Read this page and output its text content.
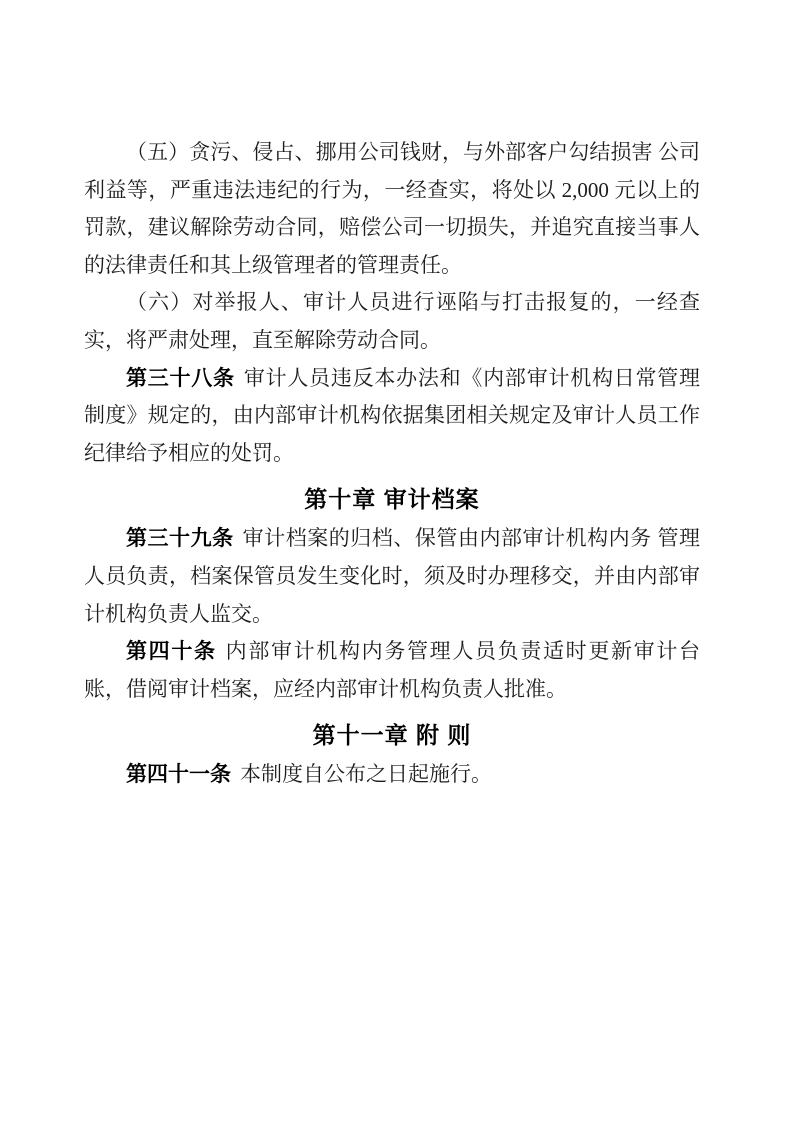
（五）贪污、侵占、挪用公司钱财，与外部客户勾结损害 公司利益等，严重违法违纪的行为，一经查实，将处以 2,000 元以上的罚款，建议解除劳动合同，赔偿公司一切损失，并追究直接当事人的法律责任和其上级管理者的管理责任。

（六）对举报人、审计人员进行诬陷与打击报复的，一经查实，将严肃处理，直至解除劳动合同。

第三十八条 审计人员违反本办法和《内部审计机构日常管理制度》规定的，由内部审计机构依据集团相关规定及审计人员工作纪律给予相应的处罚。

第十章 审计档案

第三十九条 审计档案的归档、保管由内部审计机构内务 管理人员负责，档案保管员发生变化时，须及时办理移交，并由内部审计机构负责人监交。

第四十条 内部审计机构内务管理人员负责适时更新审计台账，借阅审计档案，应经内部审计机构负责人批准。

第十一章 附 则

第四十一条 本制度自公布之日起施行。
